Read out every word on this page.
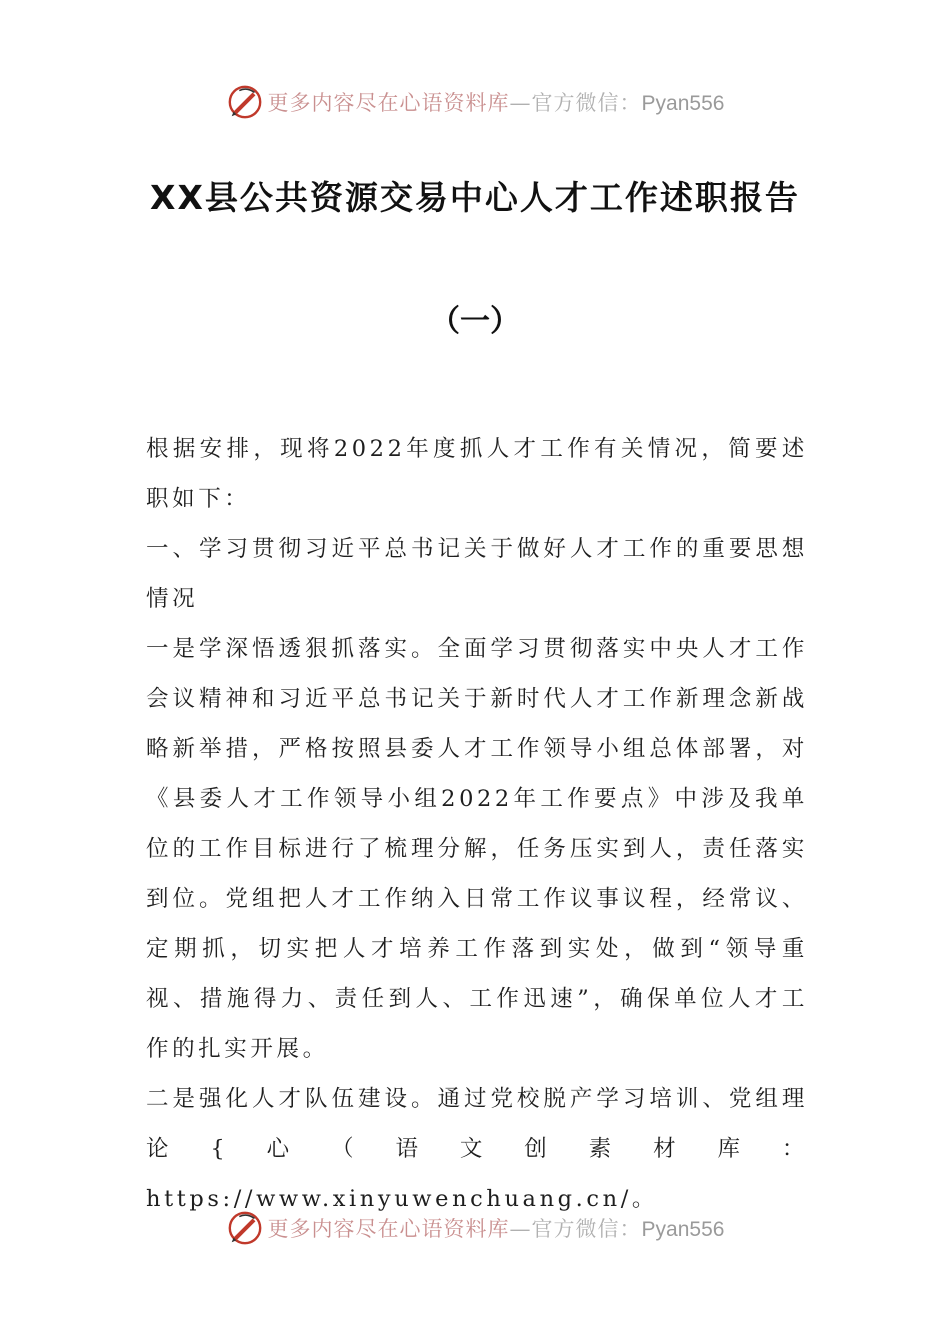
更多内容尽在心语资料库—官方微信：Pyan556
XX县公共资源交易中心人才工作述职报告
（一）

根据安排，现将2022年度抓人才工作有关情况，简要述职如下：

一、学习贯彻习近平总书记关于做好人才工作的重要思想情况

一是学深悟透狠抓落实。全面学习贯彻落实中央人才工作会议精神和习近平总书记关于新时代人才工作新理念新战略新举措，严格按照县委人才工作领导小组总体部署，对《县委人才工作领导小组2022年工作要点》中涉及我单位的工作目标进行了梳理分解，任务压实到人，责任落实到位。党组把人才工作纳入日常工作议事议程，经常议、定期抓，切实把人才培养工作落到实处，做到“领导重视、措施得力、责任到人、工作迅速”，确保单位人才工作的扎实开展。

二是强化人才队伍建设。通过党校脱产学习培训、党组理论{心（语文创素材库：https://www.xinyuwenchuang.cn/。

更多内容尽在心语资料库—官方微信：Pyan556
